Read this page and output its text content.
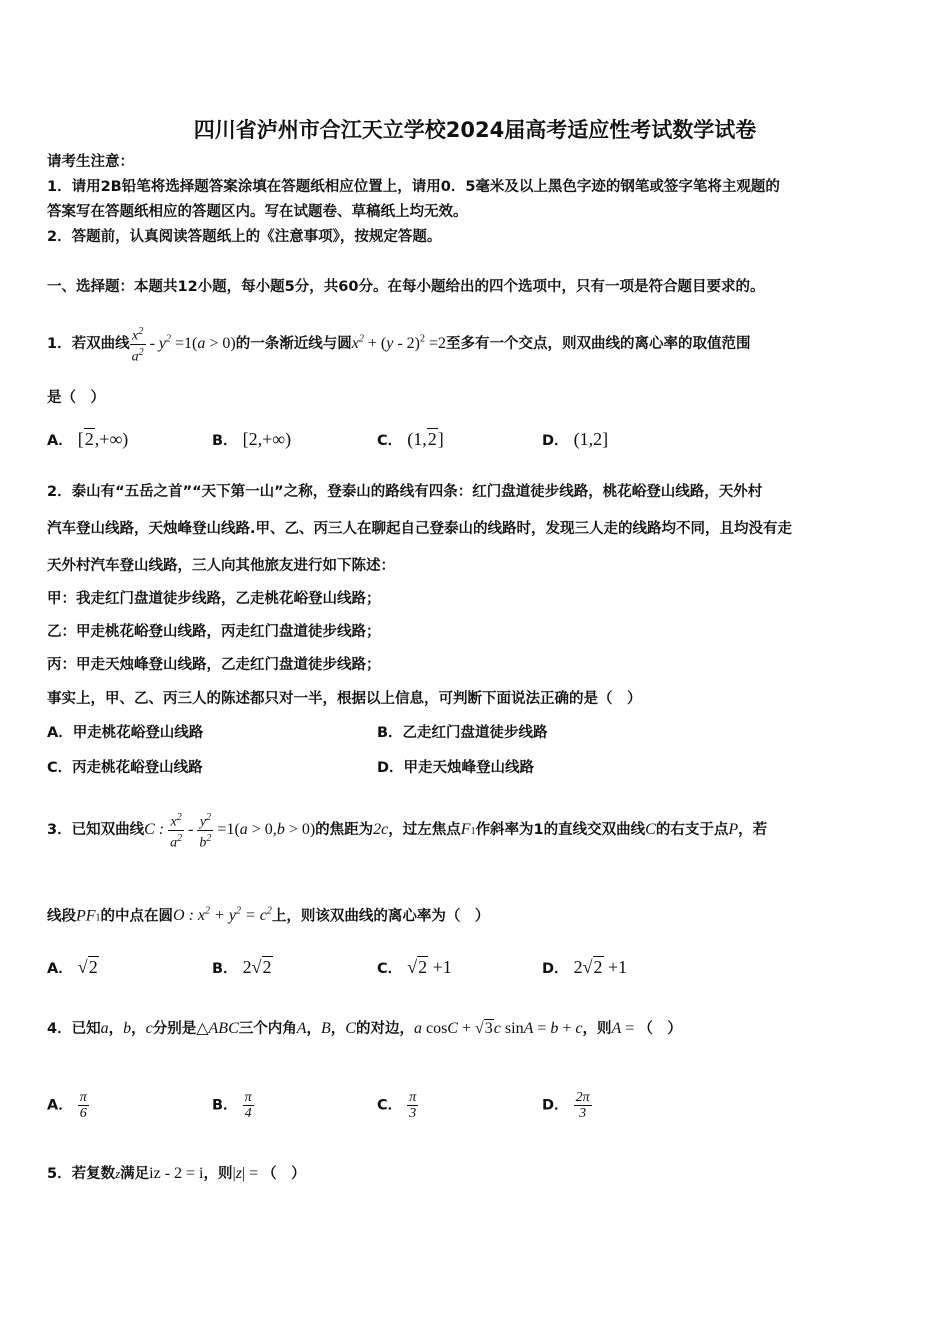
四川省泸州市合江天立学校2024届高考适应性考试数学试卷
请考生注意：
1．请用2B铅笔将选择题答案涂填在答题纸相应位置上，请用0．5毫米及以上黑色字迹的钢笔或签字笔将主观题的
答案写在答题纸相应的答题区内。写在试题卷、草稿纸上均无效。
2．答题前，认真阅读答题纸上的《注意事项》，按规定答题。
一、选择题：本题共12小题，每小题5分，共60分。在每小题给出的四个选项中，只有一项是符合题目要求的。
1．若双曲线 $\frac{x^2}{a^2} - y^2 =1(a > 0)$的一条渐近线与圆$x^2 + (y - 2)^2 =2$至多有一个交点，则双曲线的离心率的取值范围
是（　）
A． [2,+∞)	B． [2,+∞)	C． (1,2]	D． (1,2]
2．泰山有“五岳之首”“天下第一山”之称，登泰山的路线有四条：红门盘道徒步线路，桃花峪登山线路，天外村
汽车登山线路，天烛峰登山线路.甲、乙、丙三人在聊起自己登泰山的线路时，发现三人走的线路均不同，且均没有走
天外村汽车登山线路，三人向其他旅友进行如下陈述：
甲：我走红门盘道徒步线路，乙走桃花峪登山线路；
乙：甲走桃花峪登山线路，丙走红门盘道徒步线路；
丙：甲走天烛峰登山线路，乙走红门盘道徒步线路；
事实上，甲、乙、丙三人的陈述都只对一半，根据以上信息，可判断下面说法正确的是（　）
A．甲走桃花峪登山线路	B．乙走红门盘道徒步线路
C．丙走桃花峪登山线路	D．甲走天烛峰登山线路
3．已知双曲线C : $\frac{x^2}{a^2} - \frac{y^2}{b^2} =1(a > 0,b > 0)$的焦距为2c，过左焦点F1作斜率为1的直线交双曲线C的右支于点P，若
线段PF1的中点在圆O : $x^2 + y^2 = c^2$上，则该双曲线的离心率为（　）
A． √2	B． 2√2	C． √2 +1	D． 2√2 +1
4．已知a，b，c分别是△ABC三个内角A，B，C的对边，a cosC + √3c sinA = b + c，则A = （　）
A． $\frac{\pi}{6}$	B． $\frac{\pi}{4}$	C． $\frac{\pi}{3}$	D． $\frac{2\pi}{3}$
5．若复数z满足iz - 2 = i，则|z| = （　）
